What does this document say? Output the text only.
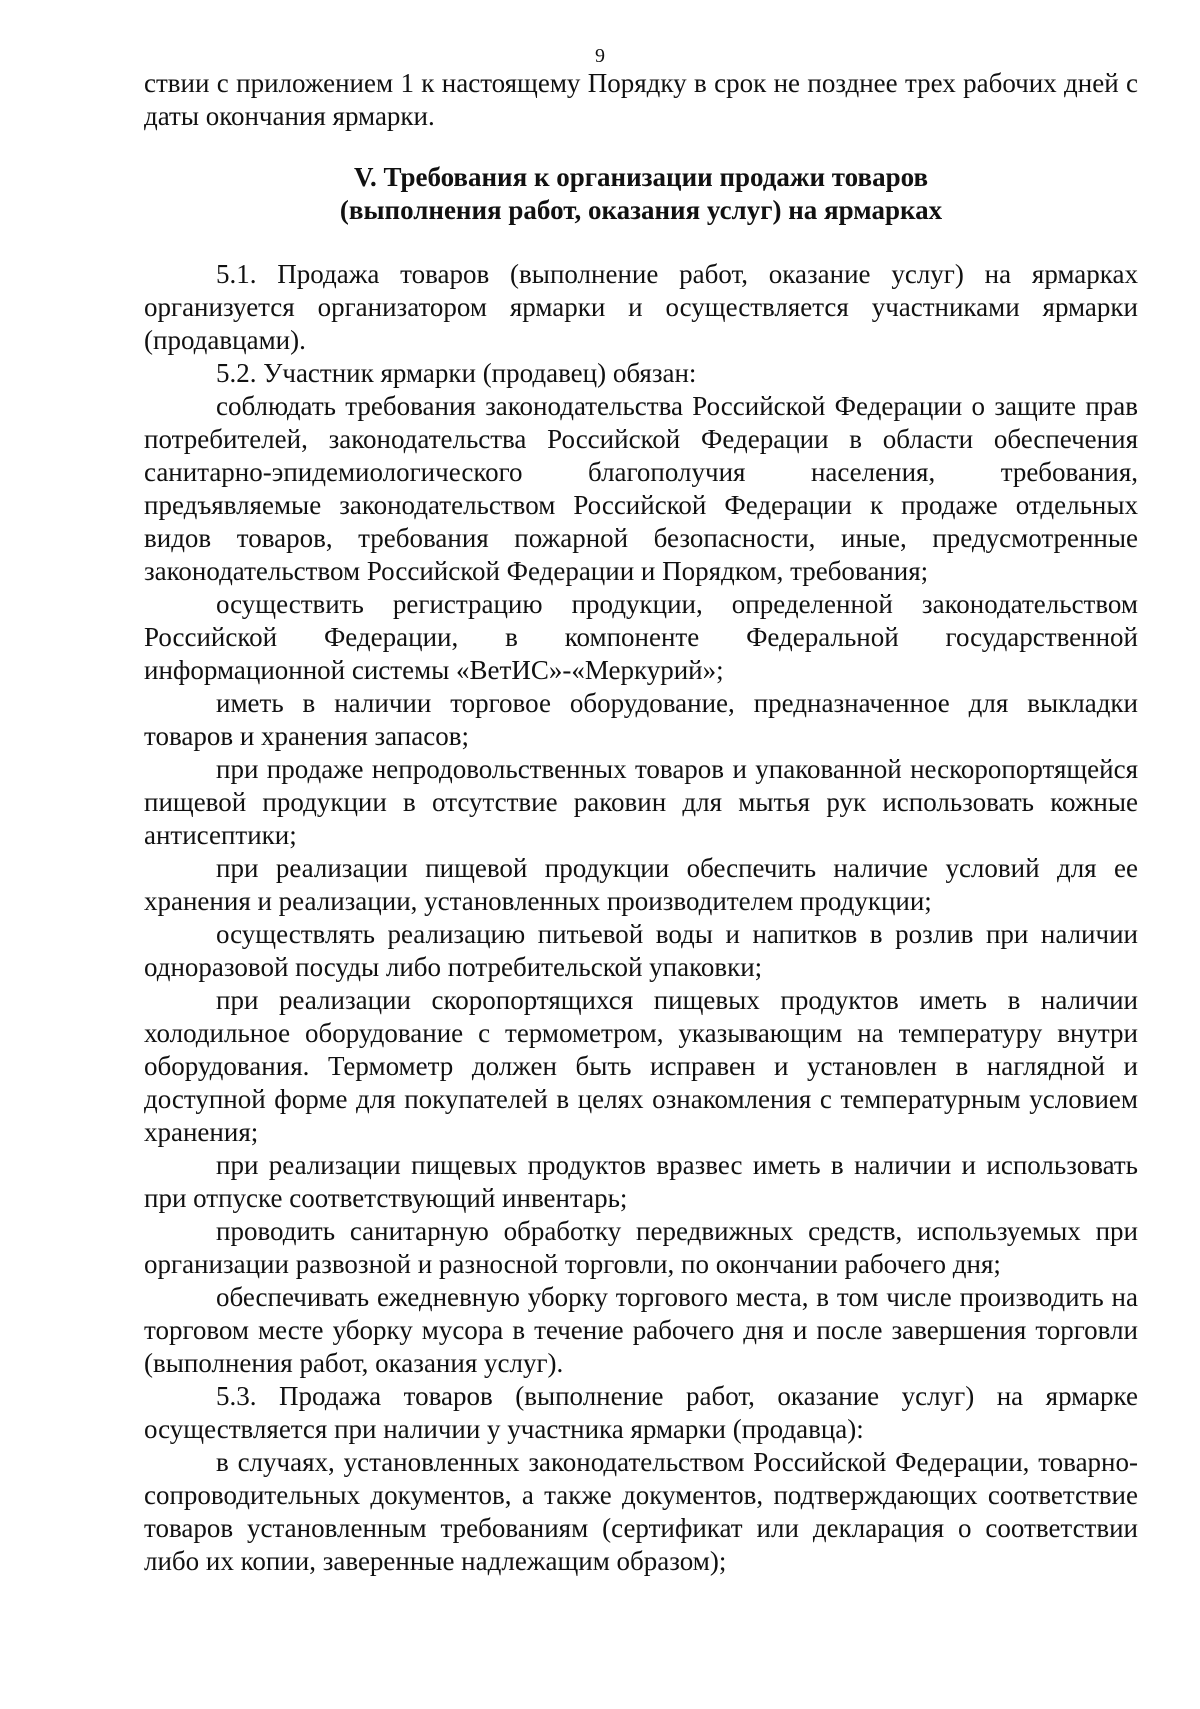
9

ствии с приложением 1 к настоящему Порядку в срок не позднее трех рабочих дней с даты окончания ярмарки.

V. Требования к организации продажи товаров
(выполнения работ, оказания услуг) на ярмарках

5.1. Продажа товаров (выполнение работ, оказание услуг) на ярмарках организуется организатором ярмарки и осуществляется участниками ярмарки (продавцами).

5.2. Участник ярмарки (продавец) обязан:

соблюдать требования законодательства Российской Федерации о защите прав потребителей, законодательства Российской Федерации в области обеспечения санитарно-эпидемиологического благополучия населения, требования, предъявляемые законодательством Российской Федерации к продаже отдельных видов товаров, требования пожарной безопасности, иные, предусмотренные законодательством Российской Федерации и Порядком, требования;

осуществить регистрацию продукции, определенной законодательством Российской Федерации, в компоненте Федеральной государственной информационной системы «ВетИС»-«Меркурий»;

иметь в наличии торговое оборудование, предназначенное для выкладки товаров и хранения запасов;

при продаже непродовольственных товаров и упакованной нескоропортящейся пищевой продукции в отсутствие раковин для мытья рук использовать кожные антисептики;

при реализации пищевой продукции обеспечить наличие условий для ее хранения и реализации, установленных производителем продукции;

осуществлять реализацию питьевой воды и напитков в розлив при наличии одноразовой посуды либо потребительской упаковки;

при реализации скоропортящихся пищевых продуктов иметь в наличии холодильное оборудование с термометром, указывающим на температуру внутри оборудования. Термометр должен быть исправен и установлен в наглядной и доступной форме для покупателей в целях ознакомления с температурным условием хранения;

при реализации пищевых продуктов вразвес иметь в наличии и использовать при отпуске соответствующий инвентарь;

проводить санитарную обработку передвижных средств, используемых при организации развозной и разносной торговли, по окончании рабочего дня;

обеспечивать ежедневную уборку торгового места, в том числе производить на торговом месте уборку мусора в течение рабочего дня и после завершения торговли (выполнения работ, оказания услуг).

5.3. Продажа товаров (выполнение работ, оказание услуг) на ярмарке осуществляется при наличии у участника ярмарки (продавца):

в случаях, установленных законодательством Российской Федерации, товарно-сопроводительных документов, а также документов, подтверждающих соответствие товаров установленным требованиям (сертификат или декларация о соответствии либо их копии, заверенные надлежащим образом);
